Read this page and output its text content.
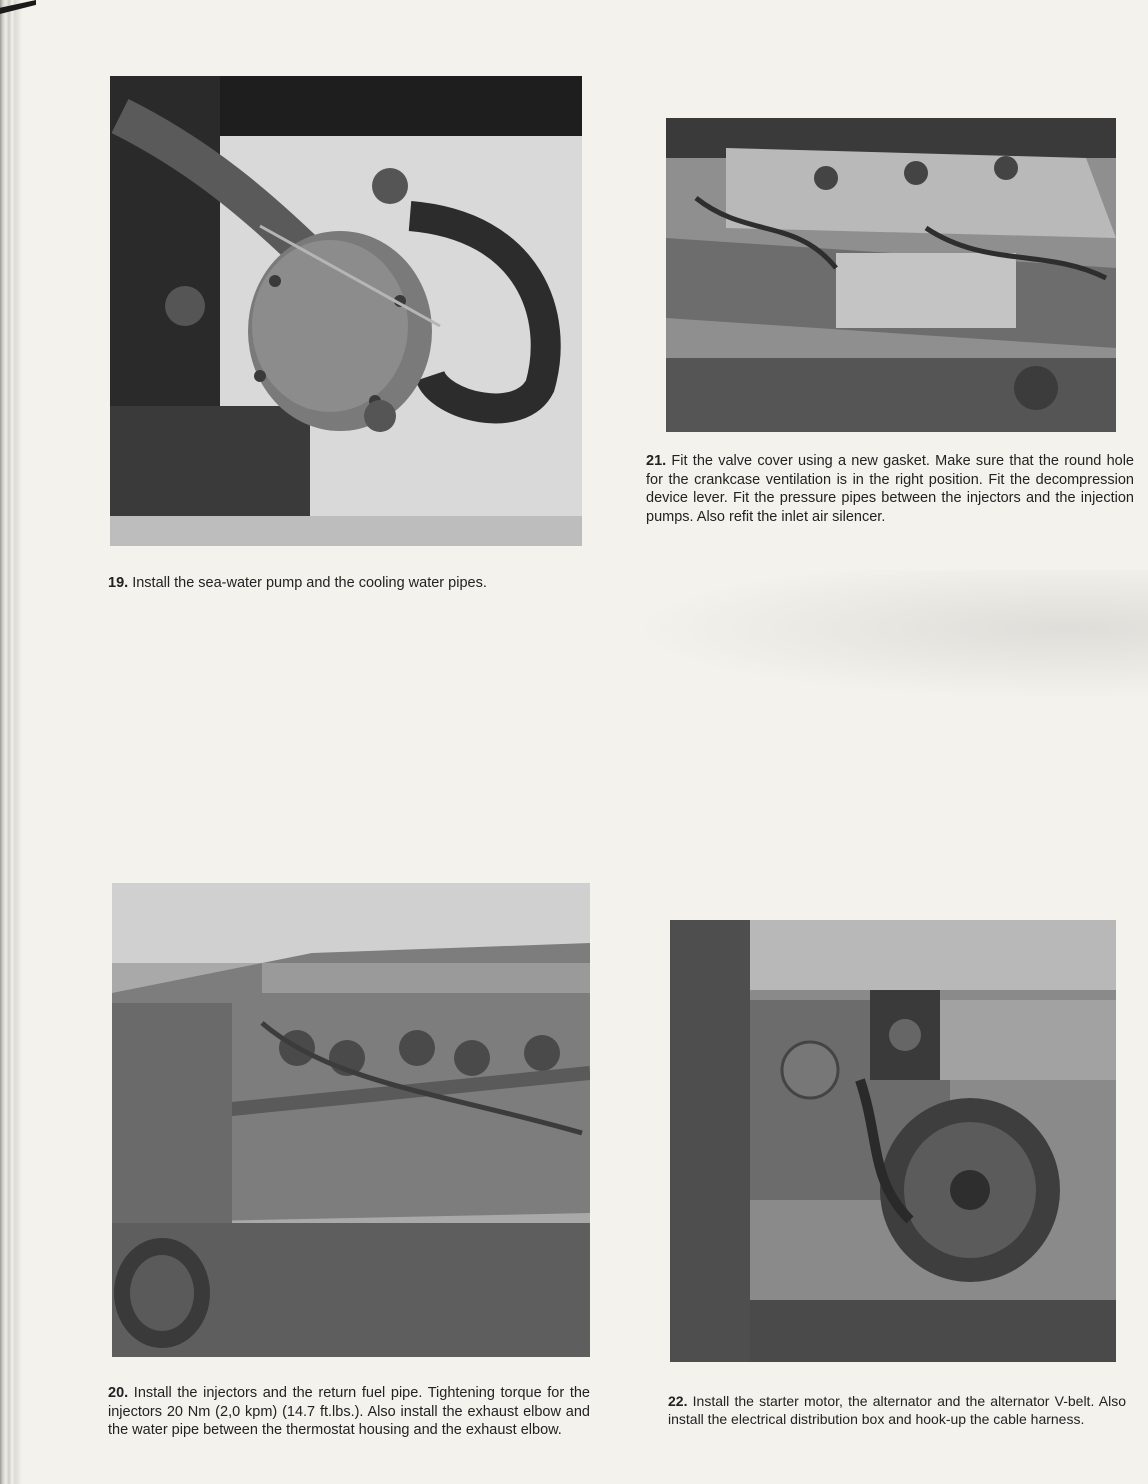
19. Install the sea-water pump and the cooling water pipes.
21. Fit the valve cover using a new gasket. Make sure that the round hole for the crankcase ventilation is in the right position. Fit the decompression device lever. Fit the pressure pipes between the injectors and the injection pumps. Also refit the inlet air silencer.
20. Install the injectors and the return fuel pipe. Tightening torque for the injectors 20 Nm (2,0 kpm) (14.7 ft.lbs.). Also install the exhaust elbow and the water pipe between the thermostat housing and the exhaust elbow.
22. Install the starter motor, the alternator and the alternator V-belt. Also install the electrical distribution box and hook-up the cable harness.
